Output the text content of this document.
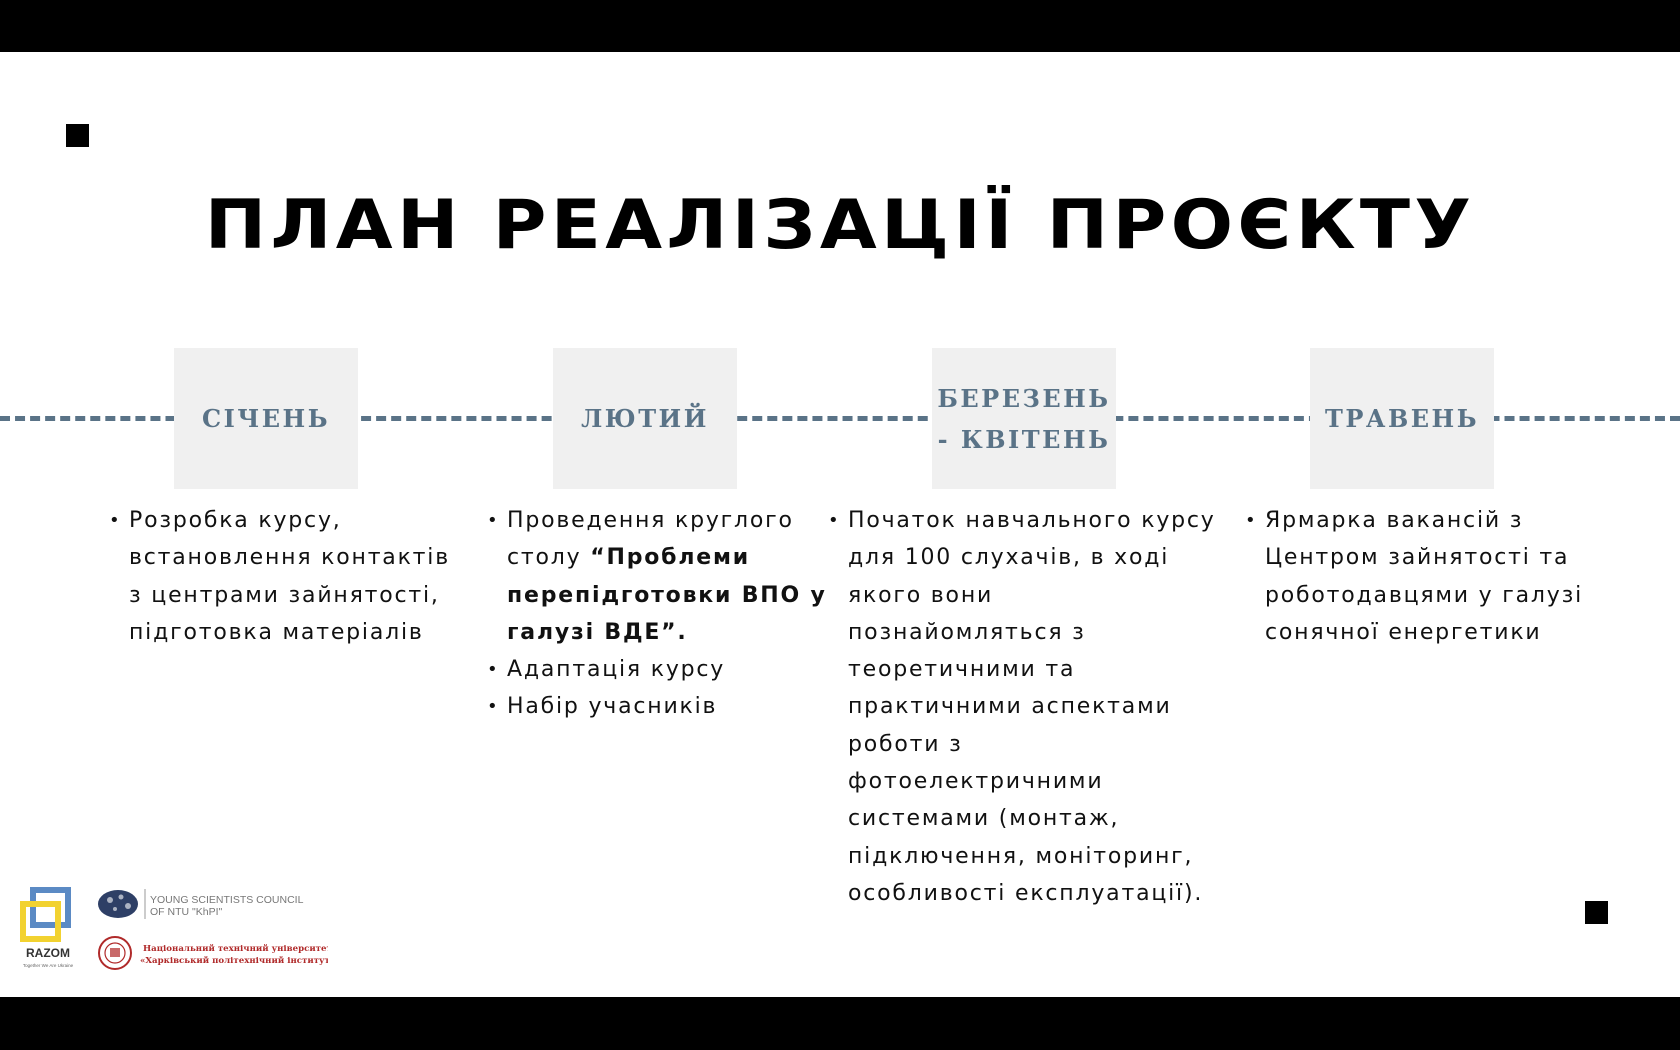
ПЛАН РЕАЛІЗАЦІЇ ПРОЄКТУ
СІЧЕНЬ	ЛЮТИЙ
БЕРЕЗЕНЬ
- КВІТЕНЬ
ТРАВЕНЬ
• Розробка курсу,
встановлення контактів
з центрами зайнятості,
підготовка матеріалів
• Проведення круглого
столу “Проблеми
перепідготовки ВПО у
галузі ВДЕ”.
• Адаптація курсу
• Набір учасників
• Початок навчального курсу
для 100 слухачів, в ході
якого вони
познайомляться з
теоретичними та
практичними аспектами
роботи з
фотоелектричними
системами (монтаж,
підключення, моніторинг,
особливості експлуатації).
• Ярмарка вакансій з
Центром зайнятості та
роботодавцями у галузі
сонячної енергетики
RAZOM
Together We Are Ukraine
YOUNG SCIENTISTS COUNCIL
OF NTU "KhPI"
Національний технічний університет
«Харківський політехнічний інститут»
